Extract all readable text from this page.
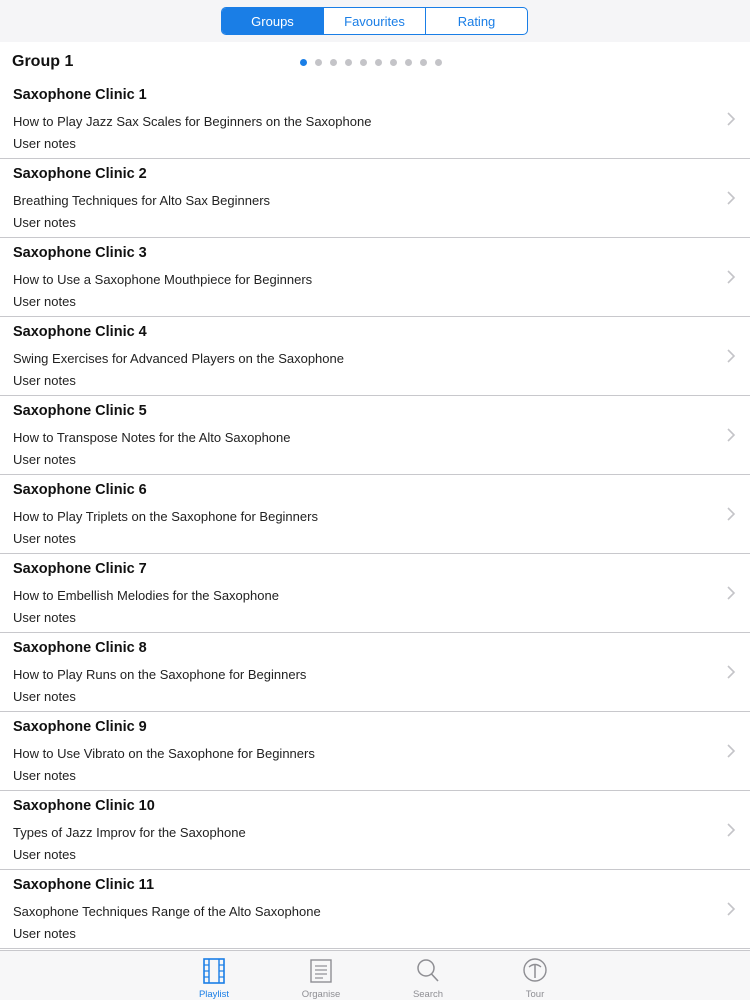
Groups	Favourites	Rating
Group 1
Saxophone Clinic 1
How to Play Jazz Sax Scales for Beginners on the Saxophone
User notes
Saxophone Clinic 2
Breathing Techniques for Alto Sax Beginners
User notes
Saxophone Clinic 3
How to Use a Saxophone Mouthpiece for Beginners
User notes
Saxophone Clinic 4
Swing Exercises for Advanced Players on the Saxophone
User notes
Saxophone Clinic 5
How to Transpose Notes for the Alto Saxophone
User notes
Saxophone Clinic 6
How to Play Triplets on the Saxophone for Beginners
User notes
Saxophone Clinic 7
How to Embellish Melodies for the Saxophone
User notes
Saxophone Clinic 8
How to Play Runs on the Saxophone for Beginners
User notes
Saxophone Clinic 9
How to Use Vibrato on the Saxophone for Beginners
User notes
Saxophone Clinic 10
Types of Jazz Improv for the Saxophone
User notes
Saxophone Clinic 11
Saxophone Techniques Range of the Alto Saxophone
User notes
Playlist	Organise	Search	Tour
